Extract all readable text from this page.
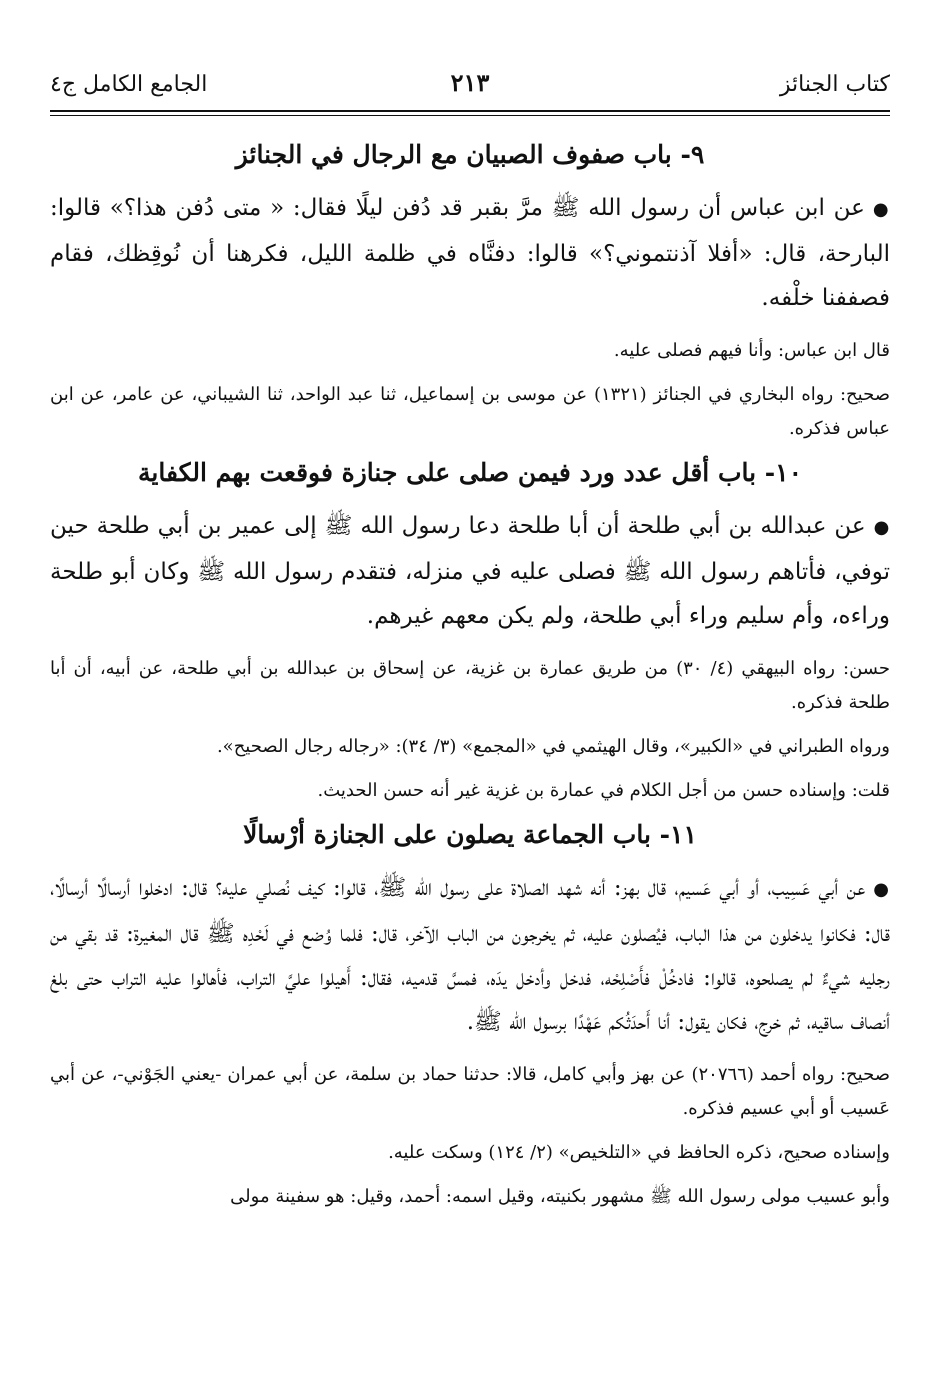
كتاب الجنائز
٢١٣
الجامع الكامل ج٤
٩- باب صفوف الصبيان مع الرجال في الجنائز

●عن ابن عباس أن رسول الله ﷺ مرَّ بقبر قد دُفن ليلًا فقال: « متى دُفن هذا؟» قالوا: البارحة، قال: «أفلا آذنتموني؟» قالوا: دفنَّاه في ظلمة الليل، فكرهنا أن نُوقِظك، فقام فصففنا خلْفه.

قال ابن عباس: وأنا فيهم فصلى عليه.

صحيح: رواه البخاري في الجنائز (١٣٢١) عن موسى بن إسماعيل، ثنا عبد الواحد، ثنا الشيباني، عن عامر، عن ابن عباس فذكره.

١٠- باب أقل عدد ورد فيمن صلى على جنازة فوقعت بهم الكفاية

●عن عبدالله بن أبي طلحة أن أبا طلحة دعا رسول الله ﷺ إلى عمير بن أبي طلحة حين توفي، فأتاهم رسول الله ﷺ فصلى عليه في منزله، فتقدم رسول الله ﷺ وكان أبو طلحة وراءه، وأم سليم وراء أبي طلحة، ولم يكن معهم غيرهم.

حسن: رواه البيهقي (٤/ ٣٠) من طريق عمارة بن غزية، عن إسحاق بن عبدالله بن أبي طلحة، عن أبيه، أن أبا طلحة فذكره.

ورواه الطبراني في «الكبير»، وقال الهيثمي في «المجمع» (٣/ ٣٤): «رجاله رجال الصحيح».

قلت: وإسناده حسن من أجل الكلام في عمارة بن غزية غير أنه حسن الحديث.

١١- باب الجماعة يصلون على الجنازة أرْسالًا

●عن أبي عَسِيب، أو أبي عَسيم، قال بهز: أنه شهد الصلاة على رسول الله ﷺ، قالوا: كيف نُصلي عليه؟ قال: ادخلوا أرسالًا أرسالًا، قال: فكانوا يدخلون من هذا الباب، فيُصلون عليه، ثم يخرجون من الباب الآخر، قال: فلما وُضع في لَحْدِه ﷺ قال المغيرة: قد بقي من رجليه شيءٌ لم يصلحوه، قالوا: فادخُلْ فأَصْلِحْه، فدخل وأدخل يدَه، فمسَّ قدميه، فقال: أَهيلوا عليَّ التراب، فأهالوا عليه التراب حتى بلغ أنصاف ساقيه، ثم خرج، فكان يقول: أنا أَحدَثُكم عَهْدًا برسول الله ﷺ.

صحيح: رواه أحمد (٢٠٧٦٦) عن بهز وأبي كامل، قالا: حدثنا حماد بن سلمة، عن أبي عمران -يعني الجَوْني-، عن أبي عَسيب أو أبي عسيم فذكره.

وإسناده صحيح، ذكره الحافظ في «التلخيص» (٢/ ١٢٤) وسكت عليه.

وأبو عسيب مولى رسول الله ﷺ مشهور بكنيته، وقيل اسمه: أحمد، وقيل: هو سفينة مولى
